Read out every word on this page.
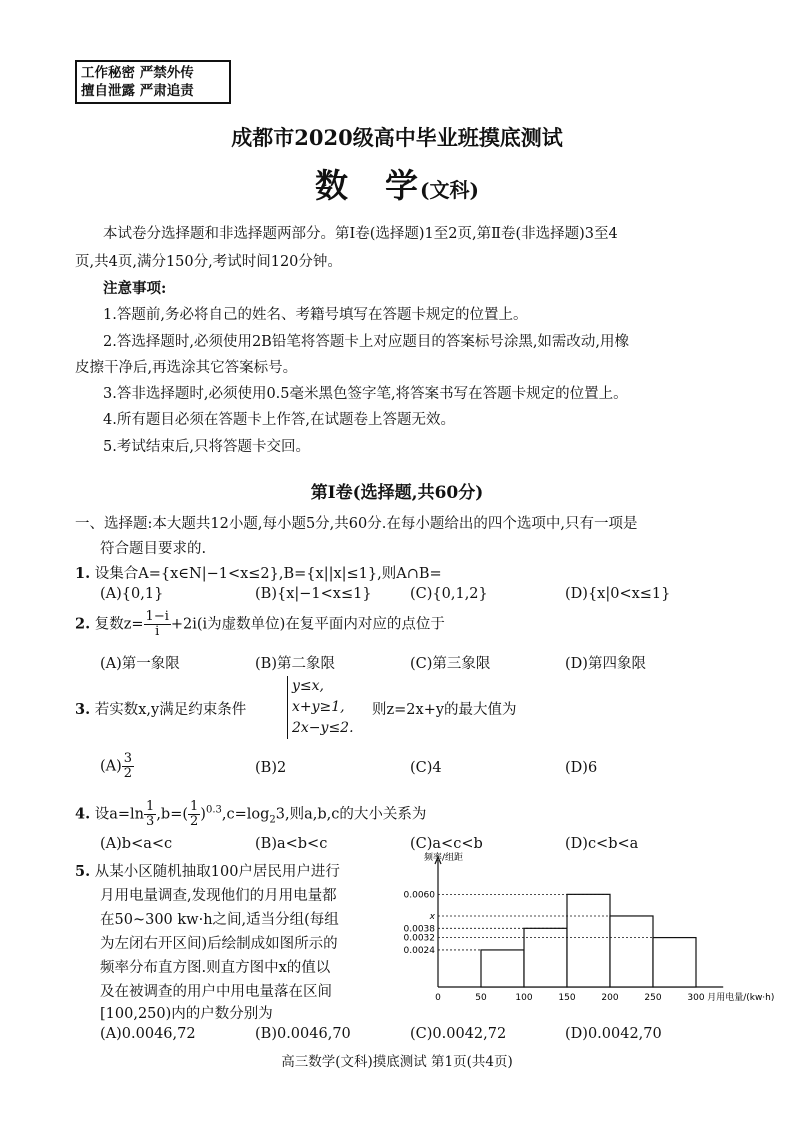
工作秘密 严禁外传
擅自泄露 严肃追责
成都市2020级高中毕业班摸底测试
数　学(文科)
本试卷分选择题和非选择题两部分。第Ⅰ卷(选择题)1至2页,第Ⅱ卷(非选择题)3至4
页,共4页,满分150分,考试时间120分钟。
注意事项:
1.答题前,务必将自己的姓名、考籍号填写在答题卡规定的位置上。
2.答选择题时,必须使用2B铅笔将答题卡上对应题目的答案标号涂黑,如需改动,用橡
皮擦干净后,再选涂其它答案标号。
3.答非选择题时,必须使用0.5毫米黑色签字笔,将答案书写在答题卡规定的位置上。
4.所有题目必须在答题卡上作答,在试题卷上答题无效。
5.考试结束后,只将答题卡交回。
第Ⅰ卷(选择题,共60分)
一、选择题:本大题共12小题,每小题5分,共60分.在每小题给出的四个选项中,只有一项是
符合题目要求的.
1. 设集合A={x∈N|−1<x≤2},B={x||x|≤1},则A∩B=
(A){0,1}	(B){x|−1<x≤1}	(C){0,1,2}	(D){x|0<x≤1}
2. 复数$z= \frac{1-i}{i} +2i(i$为虚数单位)在复平面内对应的点位于
(A)第一象限	(B)第二象限	(C)第三象限	(D)第四象限
3. 若实数x,y满足约束条件
y≤x,
x+y≥1,
2x−y≤2.
则z=2x+y的最大值为
$(A) \frac{3}{2}$	(B)2	(C)4	(D)6
4. 设$a=\ln \frac{1}{3} ,b=( \frac{1}{2} )^{0.3},c=\log_23$,则a,b,c的大小关系为
(A)b<a<c	(B)a<b<c	(C)a<c<b	(D)c<b<a
5. 从某小区随机抽取100户居民用户进行
月用电量调查,发现他们的月用电量都
在50~300 kw·h之间,适当分组(每组
为左闭右开区间)后绘制成如图所示的
频率分布直方图.则直方图中x的值以
及在被调查的用户中用电量落在区间
[100,250)内的户数分别为
(A)0.0046,72	(B)0.0046,70	(C)0.0042,72	(D)0.0042,70
频率/组距
0.0060
x
0.0038
0.0032
0.0024
0	50	100	150	200	250	300 月用电量/(kw·h)
高三数学(文科)摸底测试 第1页(共4页)
